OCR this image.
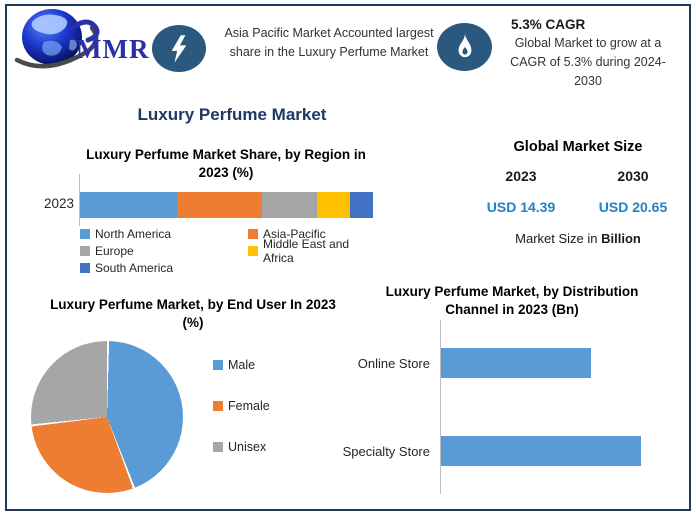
MMR
Asia Pacific Market Accounted largest share in the Luxury Perfume Market
5.3% CAGR
Global Market to grow at a CAGR of 5.3% during 2024-2030
Luxury Perfume Market
Luxury Perfume Market Share, by Region in 2023 (%)
2023
North America	Asia-Pacific
Europe	Middle East and Africa
South America
Global Market Size
2023	2030
USD 14.39	USD 20.65
Market Size in Billion
Luxury Perfume Market, by End User In 2023 (%)
Male
Female
Unisex
Luxury Perfume Market, by Distribution Channel in 2023 (Bn)
Online Store
Specialty Store
